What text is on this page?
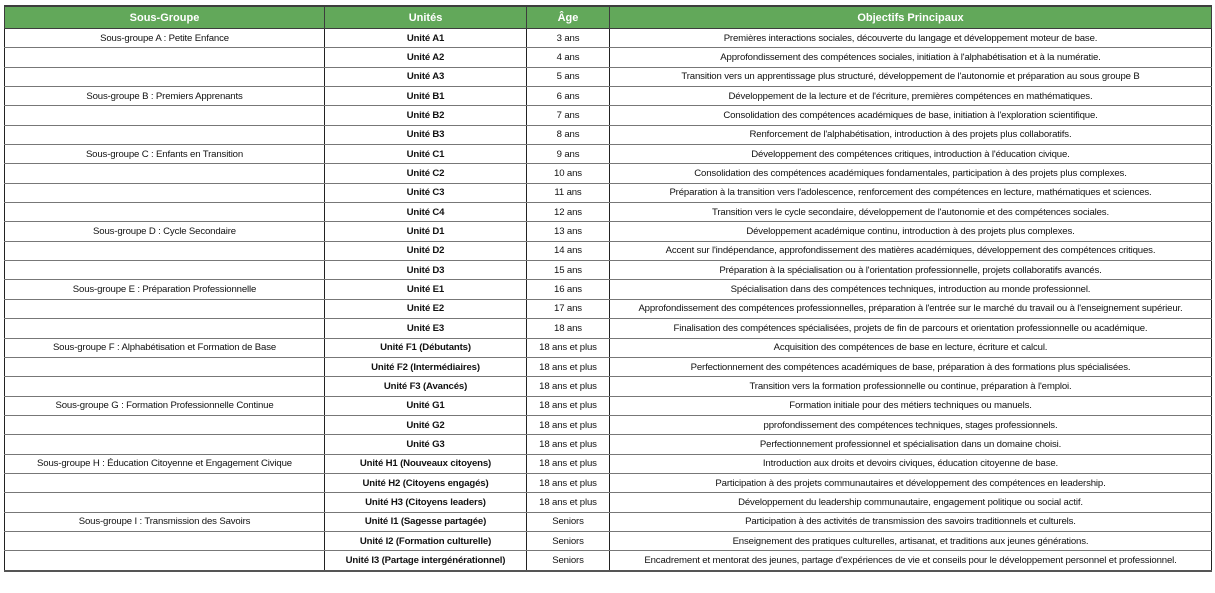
Sous-Groupe	Unités	Âge	Objectifs Principaux
Sous-groupe A : Petite Enfance	Unité A1	3 ans	Premières interactions sociales, découverte du langage et développement moteur de base.
	Unité A2	4 ans	Approfondissement des compétences sociales, initiation à l'alphabétisation et à la numératie.
	Unité A3	5 ans	Transition vers un apprentissage plus structuré, développement de l'autonomie et préparation au sous groupe B
Sous-groupe B : Premiers Apprenants	Unité B1	6 ans	Développement de la lecture et de l'écriture, premières compétences en mathématiques.
	Unité B2	7 ans	Consolidation des compétences académiques de base, initiation à l'exploration scientifique.
	Unité B3	8 ans	Renforcement de l'alphabétisation, introduction à des projets plus collaboratifs.
Sous-groupe C : Enfants en Transition	Unité C1	9 ans	Développement des compétences critiques, introduction à l'éducation civique.
	Unité C2	10 ans	Consolidation des compétences académiques fondamentales, participation à des projets plus complexes.
	Unité C3	11 ans	Préparation à la transition vers l'adolescence, renforcement des compétences en lecture, mathématiques et sciences.
	Unité C4	12 ans	Transition vers le cycle secondaire, développement de l'autonomie et des compétences sociales.
Sous-groupe D : Cycle Secondaire	Unité D1	13 ans	Développement académique continu, introduction à des projets plus complexes.
	Unité D2	14 ans	Accent sur l'indépendance, approfondissement des matières académiques, développement des compétences critiques.
	Unité D3	15 ans	Préparation à la spécialisation ou à l'orientation professionnelle, projets collaboratifs avancés.
Sous-groupe E : Préparation Professionnelle	Unité E1	16 ans	Spécialisation dans des compétences techniques, introduction au monde professionnel.
	Unité E2	17 ans	Approfondissement des compétences professionnelles, préparation à l'entrée sur le marché du travail ou à l'enseignement supérieur.
	Unité E3	18 ans	Finalisation des compétences spécialisées, projets de fin de parcours et orientation professionnelle ou académique.
Sous-groupe F : Alphabétisation et Formation de Base	Unité F1 (Débutants)	18 ans et plus	Acquisition des compétences de base en lecture, écriture et calcul.
	Unité F2 (Intermédiaires)	18 ans et plus	Perfectionnement des compétences académiques de base, préparation à des formations plus spécialisées.
	Unité F3 (Avancés)	18 ans et plus	Transition vers la formation professionnelle ou continue, préparation à l'emploi.
Sous-groupe G : Formation Professionnelle Continue	Unité G1	18 ans et plus	Formation initiale pour des métiers techniques ou manuels.
	Unité G2	18 ans et plus	pprofondissement des compétences techniques, stages professionnels.
	Unité G3	18 ans et plus	Perfectionnement professionnel et spécialisation dans un domaine choisi.
Sous-groupe H : Éducation Citoyenne et Engagement Civique	Unité H1 (Nouveaux citoyens)	18 ans et plus	Introduction aux droits et devoirs civiques, éducation citoyenne de base.
	Unité H2 (Citoyens engagés)	18 ans et plus	Participation à des projets communautaires et développement des compétences en leadership.
	Unité H3 (Citoyens leaders)	18 ans et plus	Développement du leadership communautaire, engagement politique ou social actif.
Sous-groupe I : Transmission des Savoirs	Unité I1 (Sagesse partagée)	Seniors	Participation à des activités de transmission des savoirs traditionnels et culturels.
	Unité I2 (Formation culturelle)	Seniors	Enseignement des pratiques culturelles, artisanat, et traditions aux jeunes générations.
	Unité I3 (Partage intergénérationnel)	Seniors	Encadrement et mentorat des jeunes, partage d'expériences de vie et conseils pour le développement personnel et professionnel.
